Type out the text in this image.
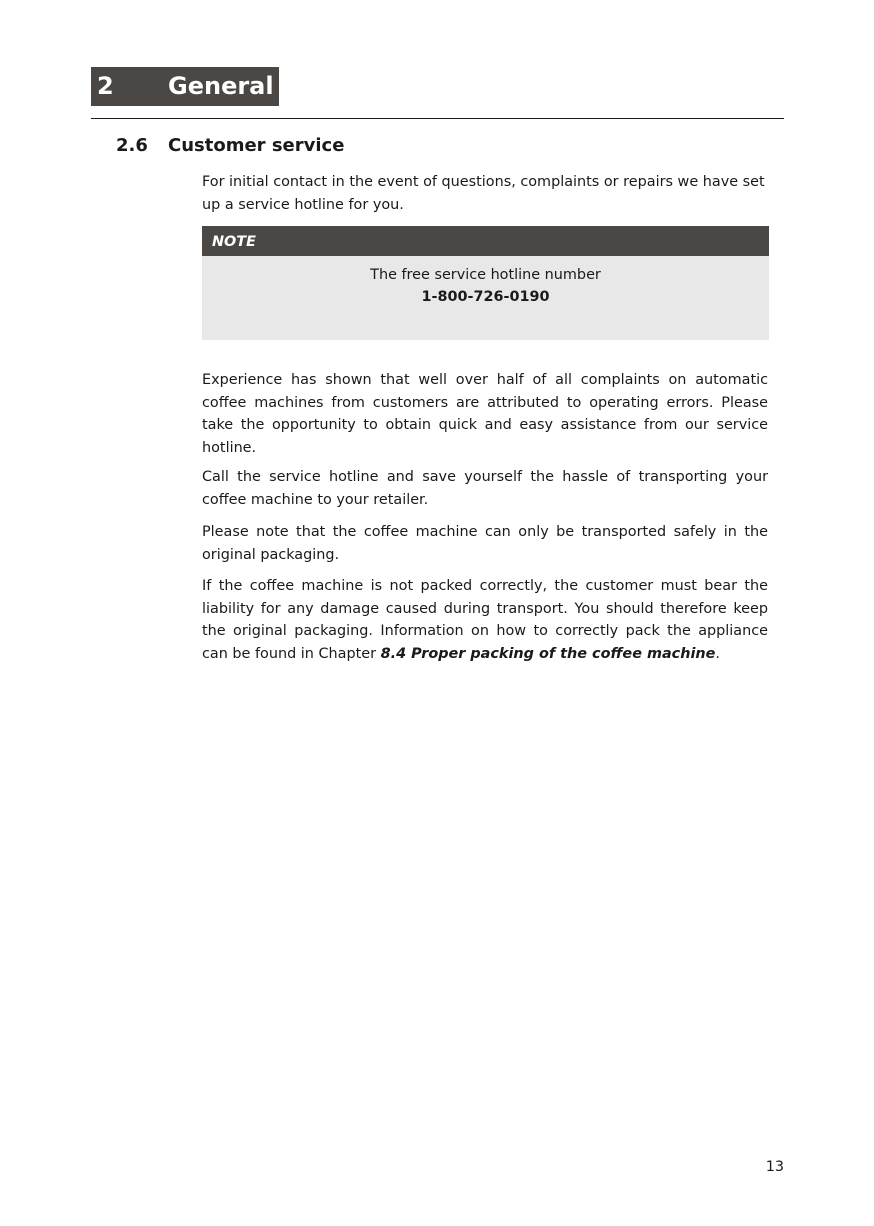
2 General
2.6 Customer service

For initial contact in the event of questions, complaints or repairs we have set up a service hotline for you.

NOTE
The free service hotline number
1-800-726-0190

Experience has shown that well over half of all complaints on automatic coffee machines from customers are attributed to operating errors. Please take the opportunity to obtain quick and easy assistance from our service hotline.

Call the service hotline and save yourself the hassle of transporting your coffee machine to your retailer.

Please note that the coffee machine can only be transported safely in the original packaging.

If the coffee machine is not packed correctly, the customer must bear the liability for any damage caused during transport. You should therefore keep the original packaging. Information on how to correctly pack the appliance can be found in Chapter 8.4 Proper packing of the coffee machine.

13
